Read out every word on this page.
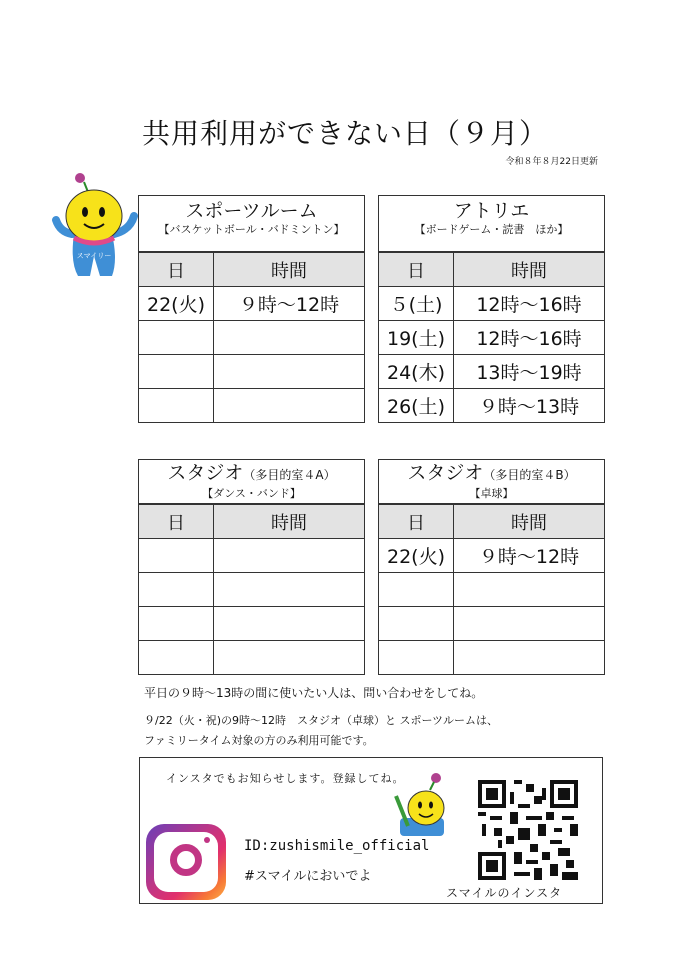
共用利用ができない日（９月）
令和８年８月22日更新
スマイリー
スポーツルーム
【バスケットボール・バドミントン】
日	時間
22(火)	９時～12時

アトリエ
【ボードゲーム・読書　ほか】
日	時間
５(土)	12時～16時
19(土)	12時～16時
24(木)	13時～19時
26(土)	９時～13時
スタジオ（多目的室４A）
【ダンス・バンド】
日	時間

スタジオ（多目的室４B）
【卓球】
日	時間
22(火)	９時～12時

平日の９時～13時の間に使いたい人は、問い合わせをしてね。
９/22（火・祝)の9時～12時　スタジオ（卓球）と スポーツルームは、
ファミリータイム対象の方のみ利用可能です。
インスタでもお知らせします。登録してね。
ID:zushismile_official
#スマイルにおいでよ
スマイルのインスタ
